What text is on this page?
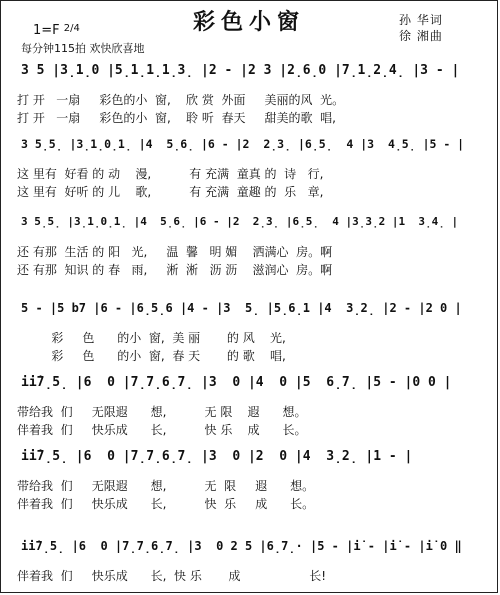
彩色小窗
1=F $^{2/4}$
每分钟115拍 欢快欣喜地
孙 华词
徐 湘曲
3 5 |3̣1̣0 |5̣1̣1̣1̣3̣ |2 - |2 3 |2̣6̣0 |7̣1̣2̣4̣ |3 - |
打 开   一扇     彩色的小  窗,    欣 赏  外面     美丽的风  光。
打 开   一扇     彩色的小  窗,    聆 听  春天     甜美的歌  唱,
3 5̣5̣ |3̣1̣0̣1̣ |4  5̣6̣ |6 - |2  2̣3̣ |6̣5̣  4 |3  4̣5̣ |5 - |
这 里有  好看 的 动    漫,          有 充满  童真 的  诗   行,
这 里有  好听 的 儿    歌,          有 充满  童趣 的  乐   章,
3 5̣5̣ |3̣1̣0̣1̣ |4  5̣6̣ |6 - |2  2̣3̣ |6̣5̣  4 |3̣3̣2 |1  3̣4̣ |
还 有那  生活 的 阳   光,     温  馨   明 媚    洒满心  房。啊
还 有那  知识 的 春   雨,     淅  淅   沥 沥    滋润心  房。啊
5 - |5 b7 |6 - |6̣5̣6 |4 - |3  5̣ |5̣6̣1 |4  3̣2̣ |2 - |2 0 |
彩     色      的小  窗,  美 丽       的 风    光,
彩     色      的小  窗,  春 天       的 歌    唱,
i̇i̇7̣5̣ |6  0 |7̣7̣6̣7̣ |3  0 |4  0 |5  6̣7̣ |5 - |0 0 |
带给我  们     无限遐      想,          无 限    遐      想。
伴着我  们     快乐成      长,          快 乐    成      长。
i̇i̇7̣5̣ |6  0 |7̣7̣6̣7̣ |3  0 |2  0 |4  3̣2̣ |1 - |
带给我  们     无限遐      想,          无  限     遐      想。
伴着我  们     快乐成      长,          快  乐     成      长。
i̇i̇7̣5̣ |6  0 |7̣7̣6̣7̣ |3  0 2 5 |6̣7̣· |5 - |i̇ - |i̇ - |i̇ 0 ‖
伴着我  们     快乐成      长,  快 乐       成                  长!
